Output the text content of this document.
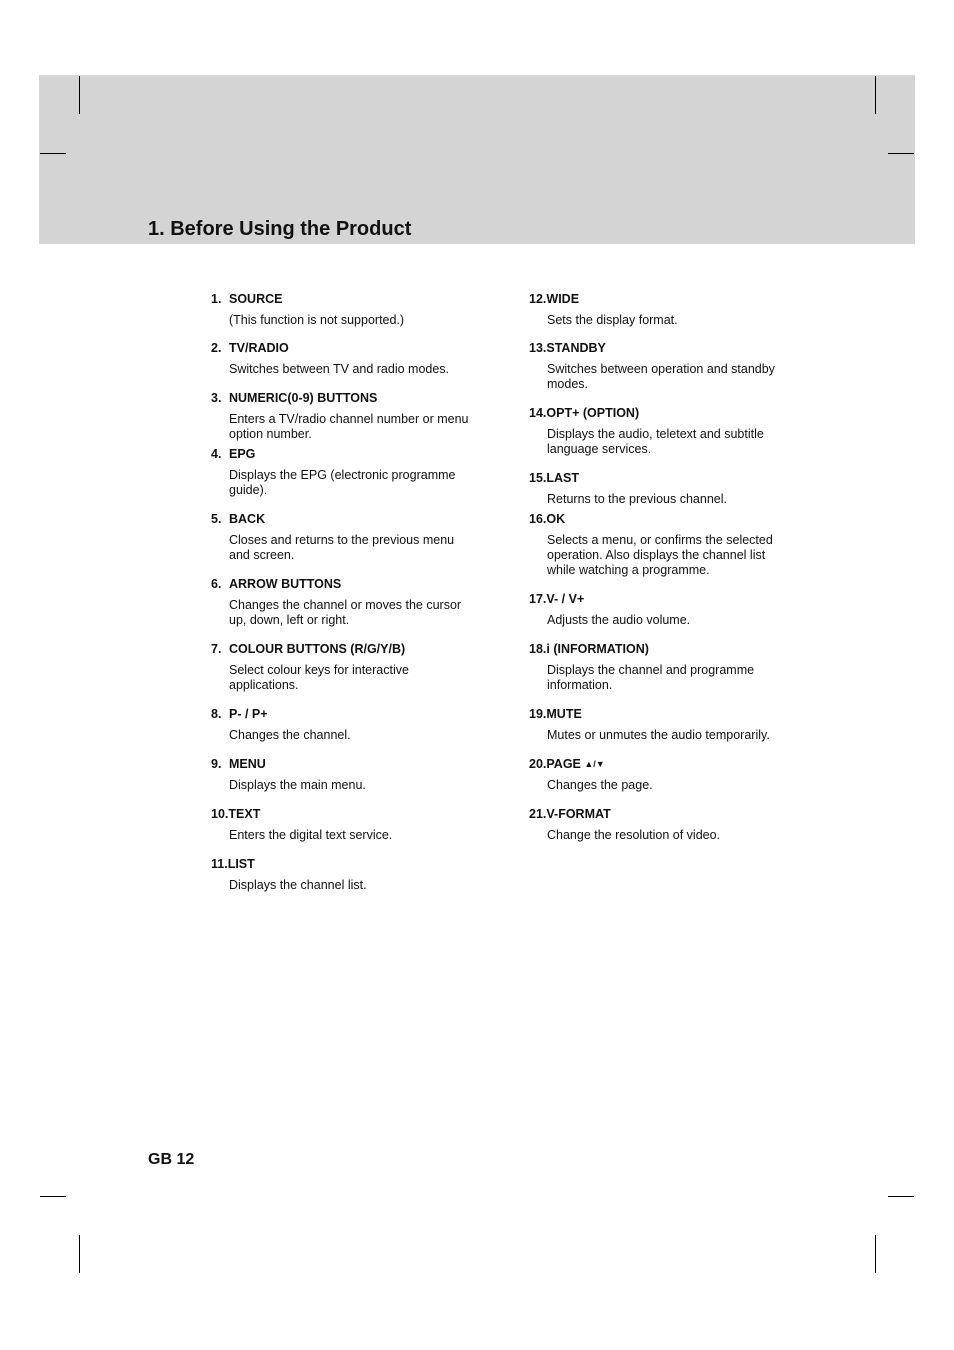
1. Before Using the Product
1. SOURCE
(This function is not supported.)
2. TV/RADIO
Switches between TV and radio modes.
3. NUMERIC(0-9) BUTTONS
Enters a TV/radio channel number or menu option number.
4. EPG
Displays the EPG (electronic programme guide).
5. BACK
Closes and returns to the previous menu and screen.
6. ARROW BUTTONS
Changes the channel or moves the cursor up, down, left or right.
7. COLOUR BUTTONS (R/G/Y/B)
Select colour keys for interactive applications.
8. P- / P+
Changes the channel.
9. MENU
Displays the main menu.
10.TEXT
Enters the digital text service.
11.LIST
Displays the channel list.
12.WIDE
Sets the display format.
13.STANDBY
Switches between operation and standby modes.
14.OPT+ (OPTION)
Displays the audio, teletext and subtitle language services.
15.LAST
Returns to the previous channel.
16.OK
Selects a menu, or confirms the selected operation. Also displays the channel list while watching a programme.
17.V- / V+
Adjusts the audio volume.
18.i (INFORMATION)
Displays the channel and programme information.
19.MUTE
Mutes or unmutes the audio temporarily.
20.PAGE ▲/▼
Changes the page.
21.V-FORMAT
Change the resolution of video.
GB 12
